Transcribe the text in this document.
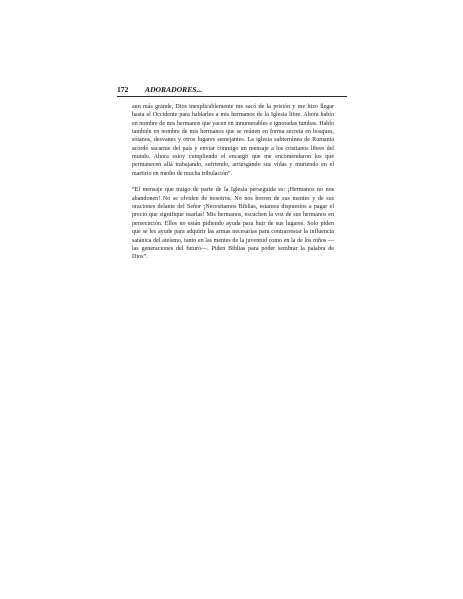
172 ADORADORES...

aun más grande, Dios inexplicablemente me sacó de la prisión y me hizo llegar hasta el Occidente para hablarles a mis hermanos de la Iglesia libre. Ahora hablo en nombre de mis hermanos que yacen en innumerables e ignoradas tumbas. Hablo también en nombre de mis hermanos que se reúnen en forma secreta en bosques, sótanos, desvanes y otros lugares semejantes. La iglesia subterránea de Rumania acordó sacarme del país y enviar conmigo un mensaje a los cristianos libres del mundo. Ahora estoy cumpliendo el encargo que me encomendaron los que permanecen allá trabajando, sufriendo, arriesgando sus vidas y muriendo en el martirio en medio de mucha tribulación”.

“El mensaje que traigo de parte de la Iglesia perseguida es: ¡Hermanos no nos abandonen! No se olviden de nosotros. No nos borren de sus mentes y de sus oraciones delante del Señor ¡Necesitamos Biblias, estamos dispuestos a pagar el precio que signifique usarlas! Mis hermanos, escuchen la voz de sus hermanos en persecución. Ellos no están pidiendo ayuda para huir de sus lugares. Solo piden que se les ayude para adquirir las armas necesarias para contrarrestar la influencia satánica del ateísmo, tanto en las mentes de la juventud como en la de los niños —las generaciones del futuro—. Piden Biblias para poder sembrar la palabra de Dios”.
